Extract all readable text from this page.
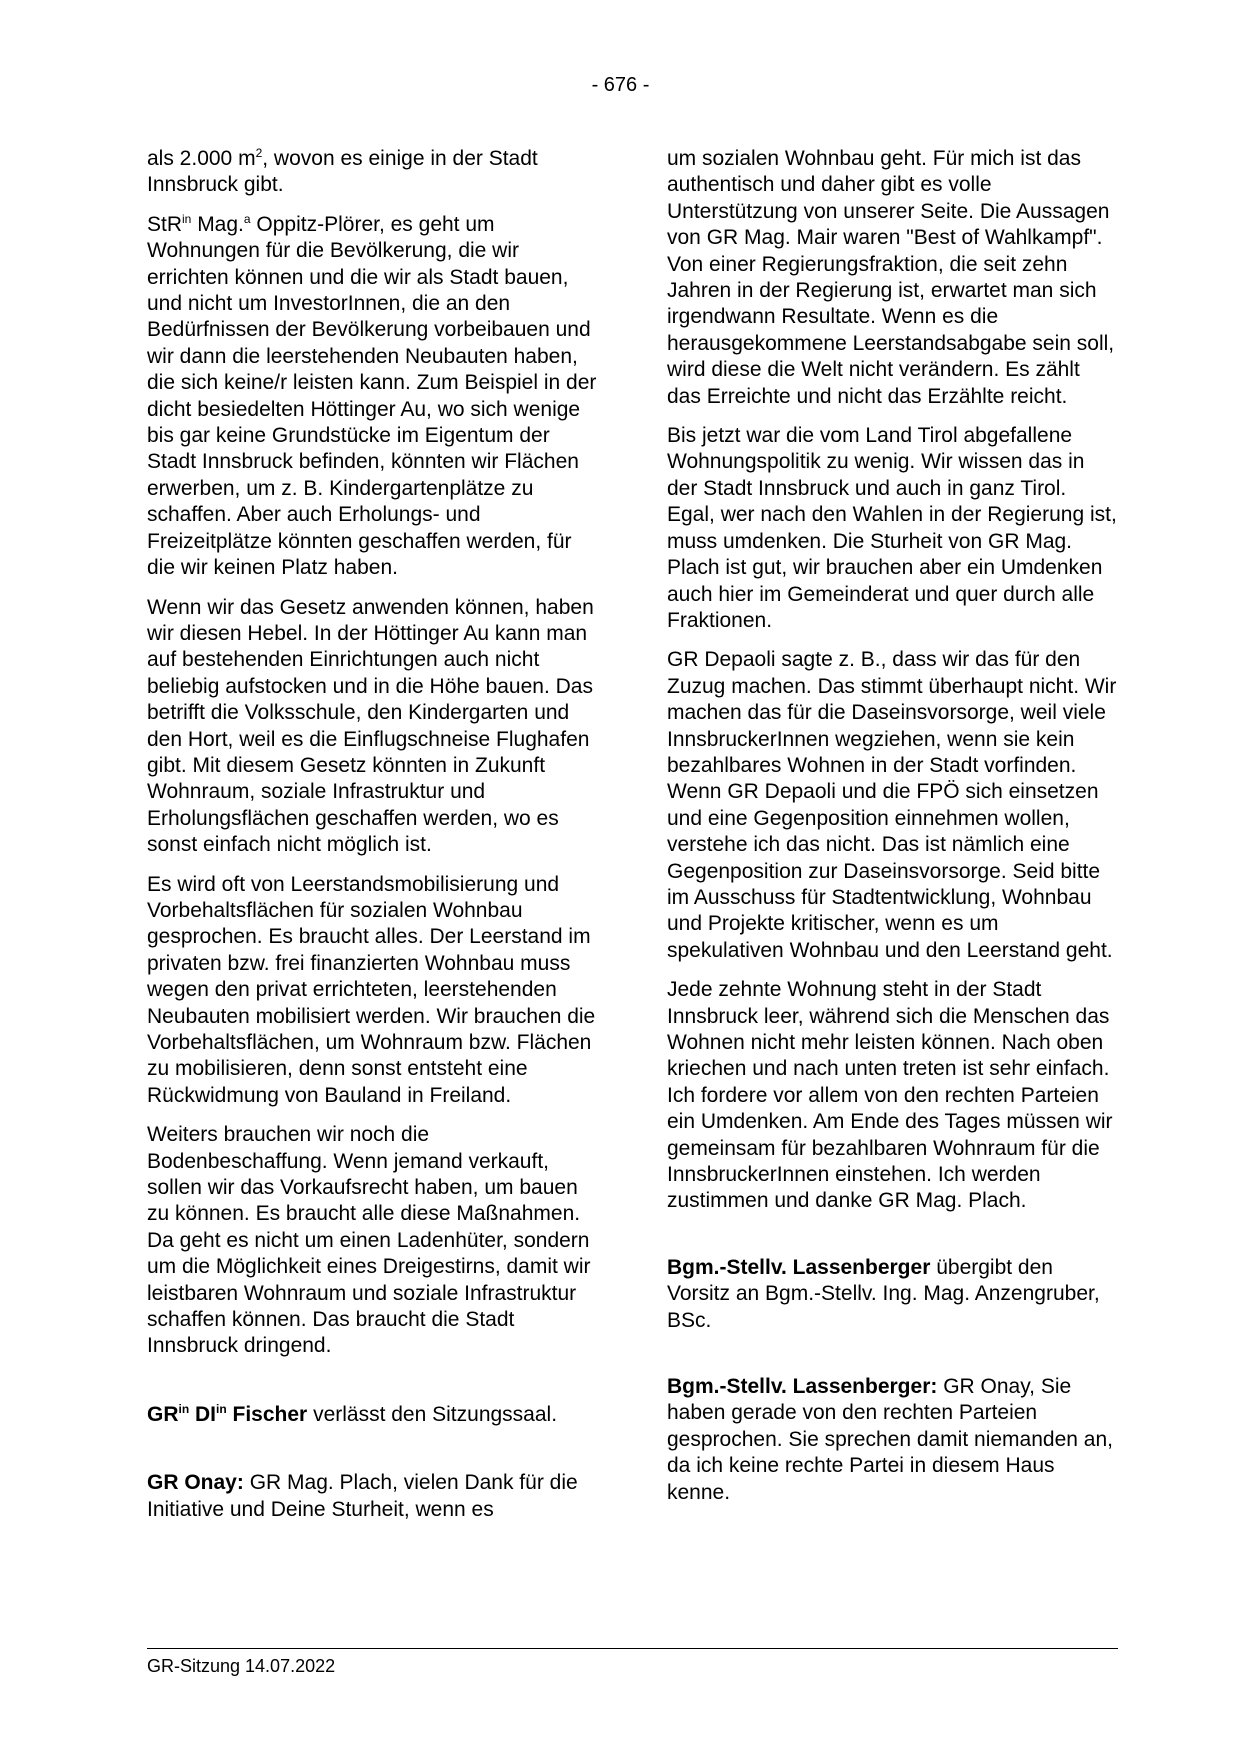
- 676 -

als 2.000 $m^2$, wovon es einige in der Stadt Innsbruck gibt.

StR$^{in}$ Mag.$^a$ Oppitz-Plörer, es geht um Wohnungen für die Bevölkerung, die wir errichten können und die wir als Stadt bauen, und nicht um InvestorInnen, die an den Bedürfnissen der Bevölkerung vorbeibauen und wir dann die leerstehenden Neubauten haben, die sich keine/r leisten kann. Zum Beispiel in der dicht besiedelten Höttinger Au, wo sich wenige bis gar keine Grundstücke im Eigentum der Stadt Innsbruck befinden, könnten wir Flächen erwerben, um z. B. Kindergartenplätze zu schaffen. Aber auch Erholungs- und Freizeitplätze könnten geschaffen werden, für die wir keinen Platz haben.

Wenn wir das Gesetz anwenden können, haben wir diesen Hebel. In der Höttinger Au kann man auf bestehenden Einrichtungen auch nicht beliebig aufstocken und in die Höhe bauen. Das betrifft die Volksschule, den Kindergarten und den Hort, weil es die Einflugschneise Flughafen gibt. Mit diesem Gesetz könnten in Zukunft Wohnraum, soziale Infrastruktur und Erholungsflächen geschaffen werden, wo es sonst einfach nicht möglich ist.

Es wird oft von Leerstandsmobilisierung und Vorbehaltsflächen für sozialen Wohnbau gesprochen. Es braucht alles. Der Leerstand im privaten bzw. frei finanzierten Wohnbau muss wegen den privat errichteten, leerstehenden Neubauten mobilisiert werden. Wir brauchen die Vorbehaltsflächen, um Wohnraum bzw. Flächen zu mobilisieren, denn sonst entsteht eine Rückwidmung von Bauland in Freiland.

Weiters brauchen wir noch die Bodenbeschaffung. Wenn jemand verkauft, sollen wir das Vorkaufsrecht haben, um bauen zu können. Es braucht alle diese Maßnahmen. Da geht es nicht um einen Ladenhüter, sondern um die Möglichkeit eines Dreigestirns, damit wir leistbaren Wohnraum und soziale Infrastruktur schaffen können. Das braucht die Stadt Innsbruck dringend.

$GR^{in}$ $DI^{in}$ Fischer verlässt den Sitzungssaal.

GR Onay: GR Mag. Plach, vielen Dank für die Initiative und Deine Sturheit, wenn es

um sozialen Wohnbau geht. Für mich ist das authentisch und daher gibt es volle Unterstützung von unserer Seite. Die Aussagen von GR Mag. Mair waren "Best of Wahlkampf". Von einer Regierungsfraktion, die seit zehn Jahren in der Regierung ist, erwartet man sich irgendwann Resultate. Wenn es die herausgekommene Leerstandsabgabe sein soll, wird diese die Welt nicht verändern. Es zählt das Erreichte und nicht das Erzählte reicht.

Bis jetzt war die vom Land Tirol abgefallene Wohnungspolitik zu wenig. Wir wissen das in der Stadt Innsbruck und auch in ganz Tirol. Egal, wer nach den Wahlen in der Regierung ist, muss umdenken. Die Sturheit von GR Mag. Plach ist gut, wir brauchen aber ein Umdenken auch hier im Gemeinderat und quer durch alle Fraktionen.

GR Depaoli sagte z. B., dass wir das für den Zuzug machen. Das stimmt überhaupt nicht. Wir machen das für die Daseinsvorsorge, weil viele InnsbruckerInnen wegziehen, wenn sie kein bezahlbares Wohnen in der Stadt vorfinden. Wenn GR Depaoli und die FPÖ sich einsetzen und eine Gegenposition einnehmen wollen, verstehe ich das nicht. Das ist nämlich eine Gegenposition zur Daseinsvorsorge. Seid bitte im Ausschuss für Stadtentwicklung, Wohnbau und Projekte kritischer, wenn es um spekulativen Wohnbau und den Leerstand geht.

Jede zehnte Wohnung steht in der Stadt Innsbruck leer, während sich die Menschen das Wohnen nicht mehr leisten können. Nach oben kriechen und nach unten treten ist sehr einfach. Ich fordere vor allem von den rechten Parteien ein Umdenken. Am Ende des Tages müssen wir gemeinsam für bezahlbaren Wohnraum für die InnsbruckerInnen einstehen. Ich werden zustimmen und danke GR Mag. Plach.

Bgm.-Stellv. Lassenberger übergibt den Vorsitz an Bgm.-Stellv. Ing. Mag. Anzengruber, BSc.

Bgm.-Stellv. Lassenberger: GR Onay, Sie haben gerade von den rechten Parteien gesprochen. Sie sprechen damit niemanden an, da ich keine rechte Partei in diesem Haus kenne.

GR-Sitzung 14.07.2022
